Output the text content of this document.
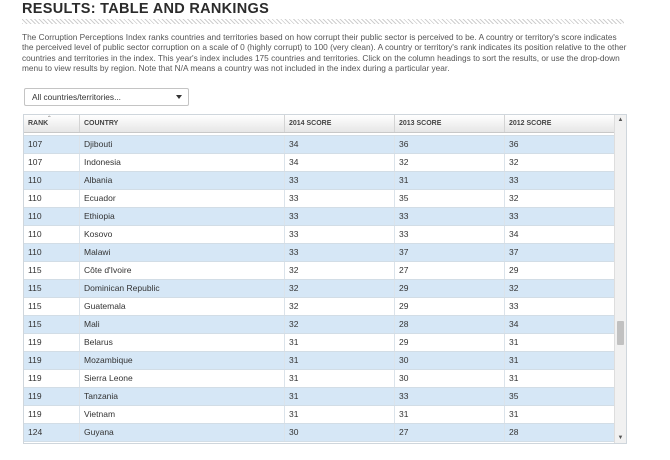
RESULTS: TABLE AND RANKINGS
The Corruption Perceptions Index ranks countries and territories based on how corrupt their public sector is perceived to be. A country or territory's score indicates the perceived level of public sector corruption on a scale of 0 (highly corrupt) to 100 (very clean). A country or territory's rank indicates its position relative to the other countries and territories in the index. This year's index includes 175 countries and territories. Click on the column headings to sort the results, or use the drop-down menu to view results by region. Note that N/A means a country was not included in the index during a particular year.
All countries/territories...
RANK ˆ	COUNTRY	2014 SCORE	2013 SCORE	2012 SCORE
107	Djibouti	34	36	36
107	Indonesia	34	32	32
110	Albania	33	31	33
110	Ecuador	33	35	32
110	Ethiopia	33	33	33
110	Kosovo	33	33	34
110	Malawi	33	37	37
115	Côte d'Ivoire	32	27	29
115	Dominican Republic	32	29	32
115	Guatemala	32	29	33
115	Mali	32	28	34
119	Belarus	31	29	31
119	Mozambique	31	30	31
119	Sierra Leone	31	30	31
119	Tanzania	31	33	35
119	Vietnam	31	31	31
124	Guyana	30	27	28
▲
▼
